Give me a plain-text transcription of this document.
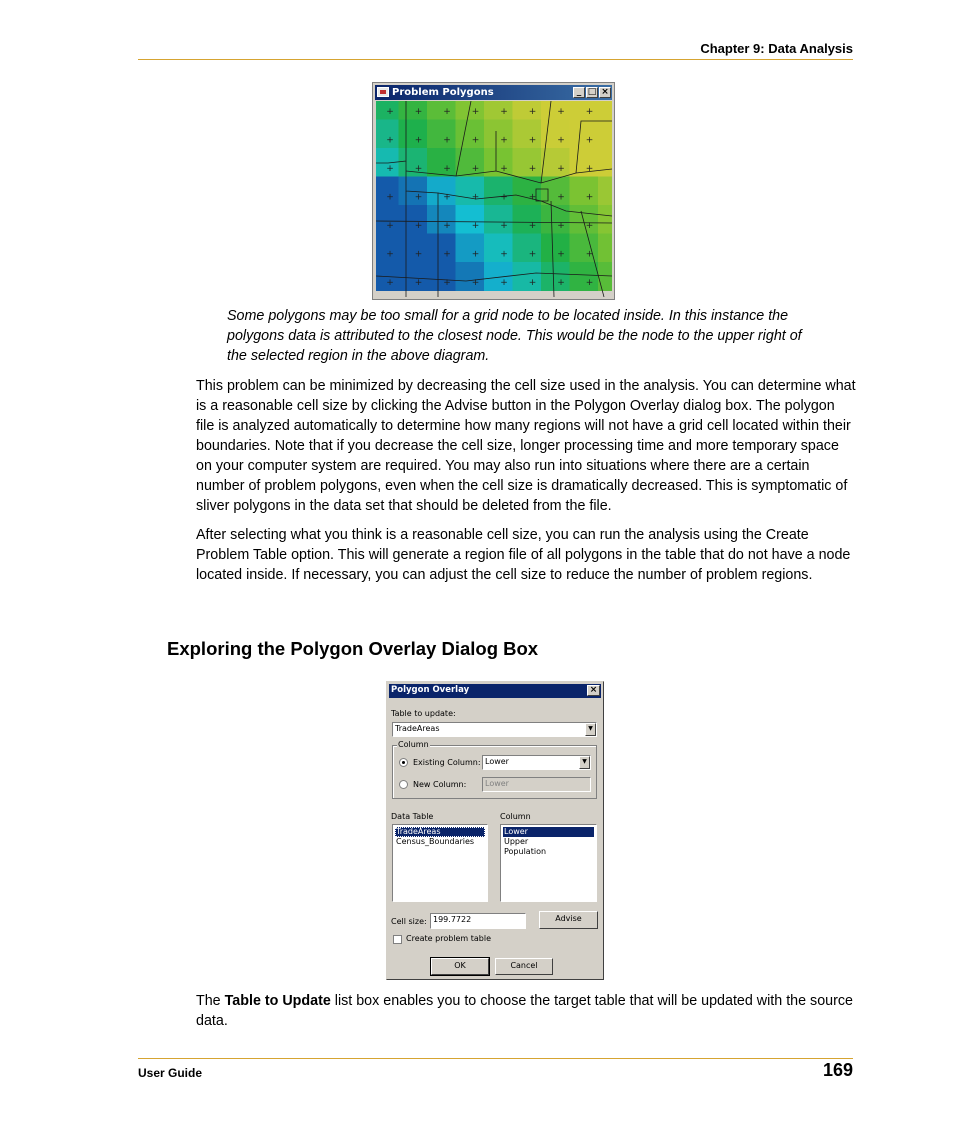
Chapter 9: Data Analysis
Problem Polygons	_ □ ×
+ + + + + + + +
+ + + + + + + +
+ + + + + + + +
+ + + + + + + +
+ + + + + + + +
+ + + + + + + +
+ + + + + + + +
Some polygons may be too small for a grid node to be located inside. In this instance the polygons data is attributed to the closest node. This would be the node to the upper right of the selected region in the above diagram.
This problem can be minimized by decreasing the cell size used in the analysis. You can determine what is a reasonable cell size by clicking the Advise button in the Polygon Overlay dialog box. The polygon file is analyzed automatically to determine how many regions will not have a grid cell located within their boundaries. Note that if you decrease the cell size, longer processing time and more temporary space on your computer system are required. You may also run into situations where there are a certain number of problem polygons, even when the cell size is dramatically decreased. This is symptomatic of sliver polygons in the data set that should be deleted from the file.
After selecting what you think is a reasonable cell size, you can run the analysis using the Create Problem Table option. This will generate a region file of all polygons in the table that do not have a node located inside. If necessary, you can adjust the cell size to reduce the number of problem regions.
Exploring the Polygon Overlay Dialog Box
Polygon Overlay	×
Table to update:
TradeAreas	▼
Column
Existing Column: Lower	▼
New Column:	Lower
Data Table
TradeAreas
Census_Boundaries
Column
Lower
Upper
Population
Cell size: 199.7722	Advise
Create problem table
OK	Cancel
The Table to Update list box enables you to choose the target table that will be updated with the source data.
User Guide	169
